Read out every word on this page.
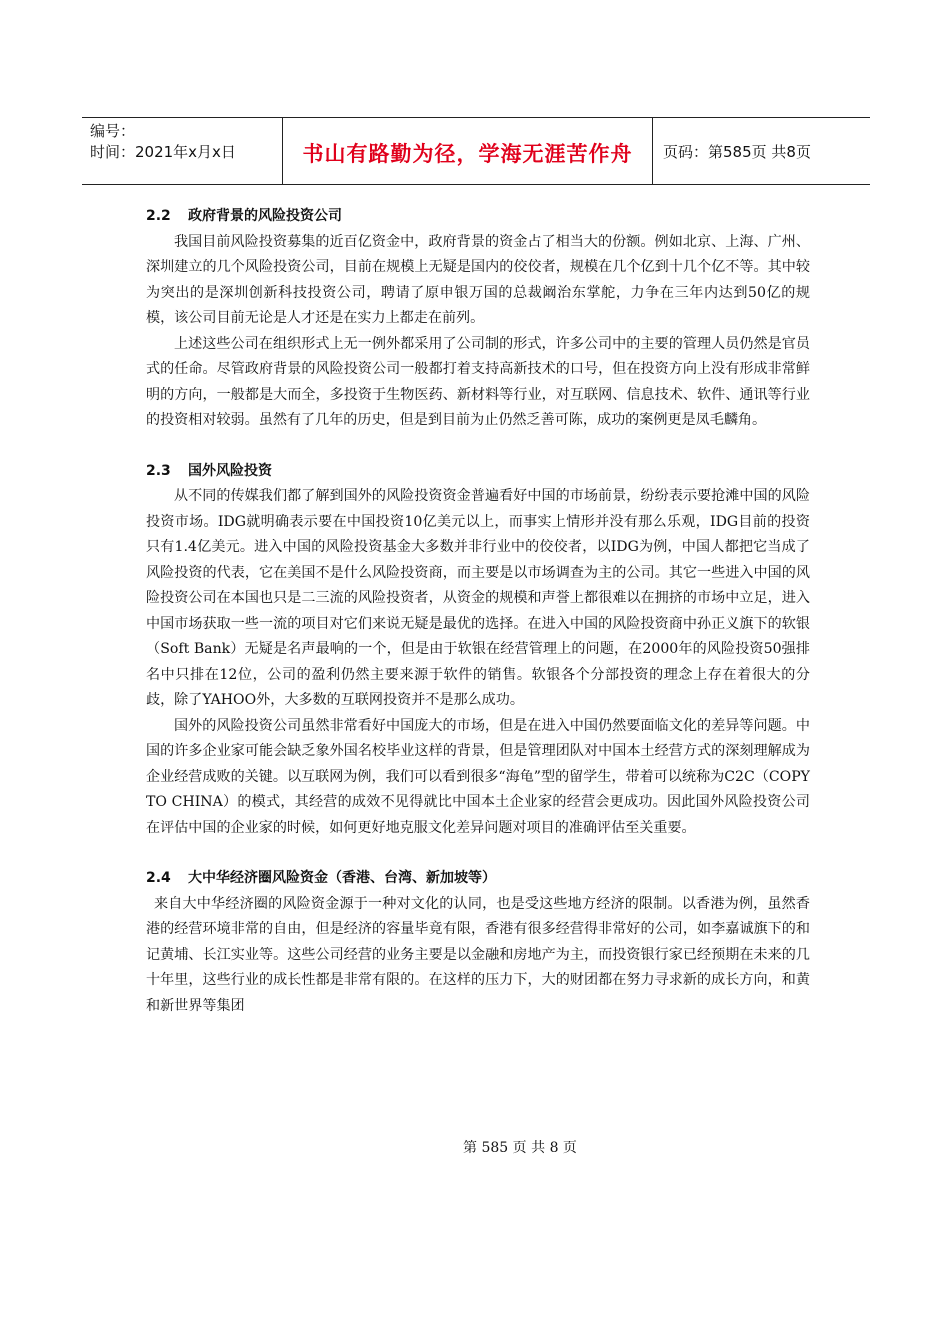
编号：
时间：2021年x月x日	书山有路勤为径，学海无涯苦作舟 页码：第585页 共8页
2.2 政府背景的风险投资公司

我国目前风险投资募集的近百亿资金中，政府背景的资金占了相当大的份额。例如北京、上海、广州、深圳建立的几个风险投资公司，目前在规模上无疑是国内的佼佼者，规模在几个亿到十几个亿不等。其中较为突出的是深圳创新科技投资公司，聘请了原申银万国的总裁阚治东掌舵，力争在三年内达到50亿的规模，该公司目前无论是人才还是在实力上都走在前列。

上述这些公司在组织形式上无一例外都采用了公司制的形式，许多公司中的主要的管理人员仍然是官员式的任命。尽管政府背景的风险投资公司一般都打着支持高新技术的口号，但在投资方向上没有形成非常鲜明的方向，一般都是大而全，多投资于生物医药、新材料等行业，对互联网、信息技术、软件、通讯等行业的投资相对较弱。虽然有了几年的历史，但是到目前为止仍然乏善可陈，成功的案例更是凤毛麟角。

2.3 国外风险投资

从不同的传媒我们都了解到国外的风险投资资金普遍看好中国的市场前景，纷纷表示要抢滩中国的风险投资市场。IDG就明确表示要在中国投资10亿美元以上，而事实上情形并没有那么乐观，IDG目前的投资只有1.4亿美元。进入中国的风险投资基金大多数并非行业中的佼佼者，以IDG为例，中国人都把它当成了风险投资的代表，它在美国不是什么风险投资商，而主要是以市场调查为主的公司。其它一些进入中国的风险投资公司在本国也只是二三流的风险投资者，从资金的规模和声誉上都很难以在拥挤的市场中立足，进入中国市场获取一些一流的项目对它们来说无疑是最优的选择。在进入中国的风险投资商中孙正义旗下的软银（Soft Bank）无疑是名声最响的一个，但是由于软银在经营管理上的问题，在2000年的风险投资50强排名中只排在12位，公司的盈利仍然主要来源于软件的销售。软银各个分部投资的理念上存在着很大的分歧，除了YAHOO外，大多数的互联网投资并不是那么成功。

国外的风险投资公司虽然非常看好中国庞大的市场，但是在进入中国仍然要面临文化的差异等问题。中国的许多企业家可能会缺乏象外国名校毕业这样的背景，但是管理团队对中国本土经营方式的深刻理解成为企业经营成败的关键。以互联网为例，我们可以看到很多“海龟”型的留学生，带着可以统称为C2C（COPY TO CHINA）的模式，其经营的成效不见得就比中国本土企业家的经营会更成功。因此国外风险投资公司在评估中国的企业家的时候，如何更好地克服文化差异问题对项目的准确评估至关重要。

2.4 大中华经济圈风险资金（香港、台湾、新加坡等）

来自大中华经济圈的风险资金源于一种对文化的认同，也是受这些地方经济的限制。以香港为例，虽然香港的经营环境非常的自由，但是经济的容量毕竟有限，香港有很多经营得非常好的公司，如李嘉诚旗下的和记黄埔、长江实业等。这些公司经营的业务主要是以金融和房地产为主，而投资银行家已经预期在未来的几十年里，这些行业的成长性都是非常有限的。在这样的压力下，大的财团都在努力寻求新的成长方向，和黄和新世界等集团

第 585 页 共 8 页
